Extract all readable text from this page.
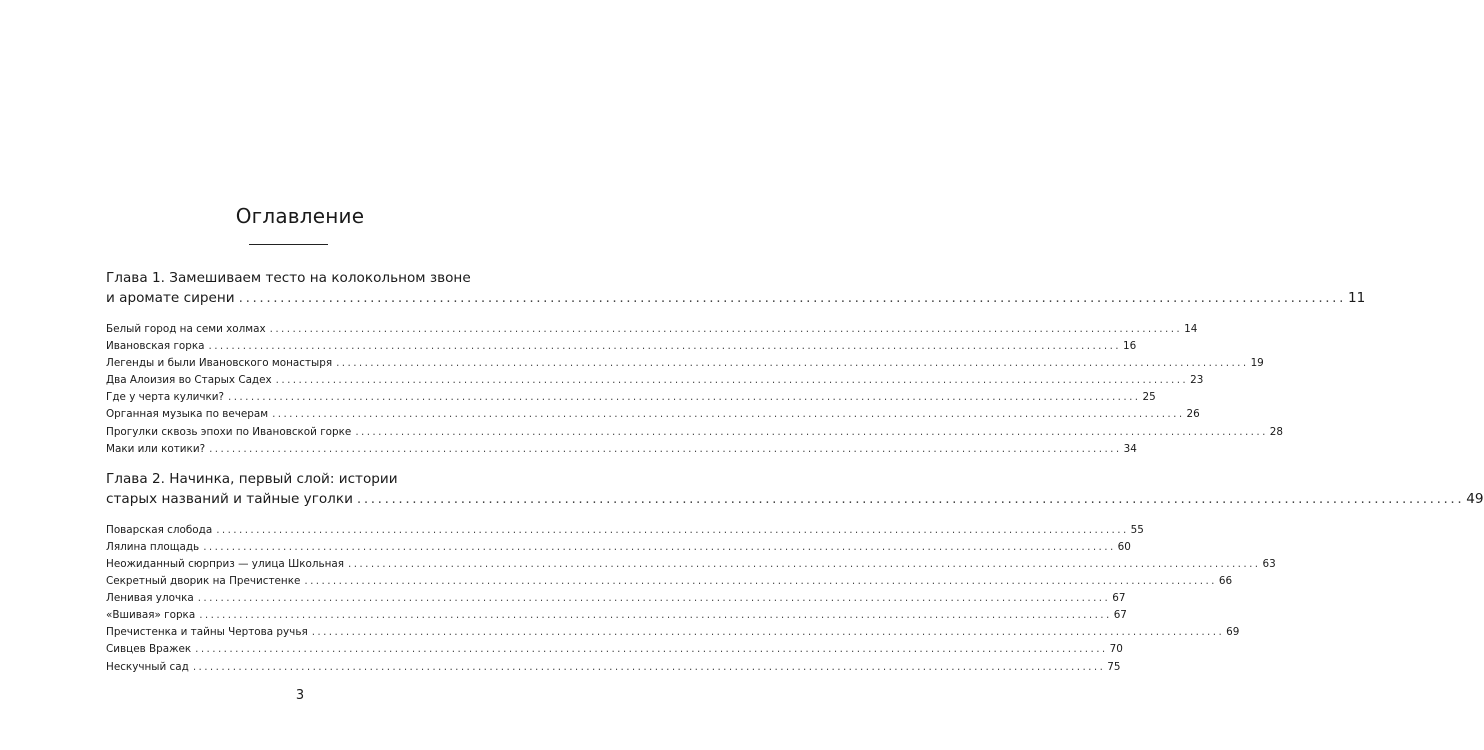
Оглавление
Глава 1. Замешиваем тесто на колокольном звоне
и аромате сирени ................................................................................................................................................................ 11
Белый город на семи холмах ................................................................................................................................................................ 14
Ивановская горка ................................................................................................................................................................ 16
Легенды и были Ивановского монастыря ................................................................................................................................................................ 19
Два Алоизия во Старых Садех ................................................................................................................................................................ 23
Где у черта кулички? ................................................................................................................................................................ 25
Органная музыка по вечерам ................................................................................................................................................................ 26
Прогулки сквозь эпохи по Ивановской горке ................................................................................................................................................................ 28
Маки или котики? ................................................................................................................................................................ 34
Глава 2. Начинка, первый слой: истории
старых названий и тайные уголки ................................................................................................................................................................ 49
Поварская слобода ................................................................................................................................................................ 55
Лялина площадь ................................................................................................................................................................ 60
Неожиданный сюрприз — улица Школьная ................................................................................................................................................................ 63
Секретный дворик на Пречистенке ................................................................................................................................................................ 66
Ленивая улочка ................................................................................................................................................................ 67
«Вшивая» горка ................................................................................................................................................................ 67
Пречистенка и тайны Чертова ручья ................................................................................................................................................................ 69
Сивцев Вражек ................................................................................................................................................................ 70
Нескучный сад ................................................................................................................................................................ 75
3
